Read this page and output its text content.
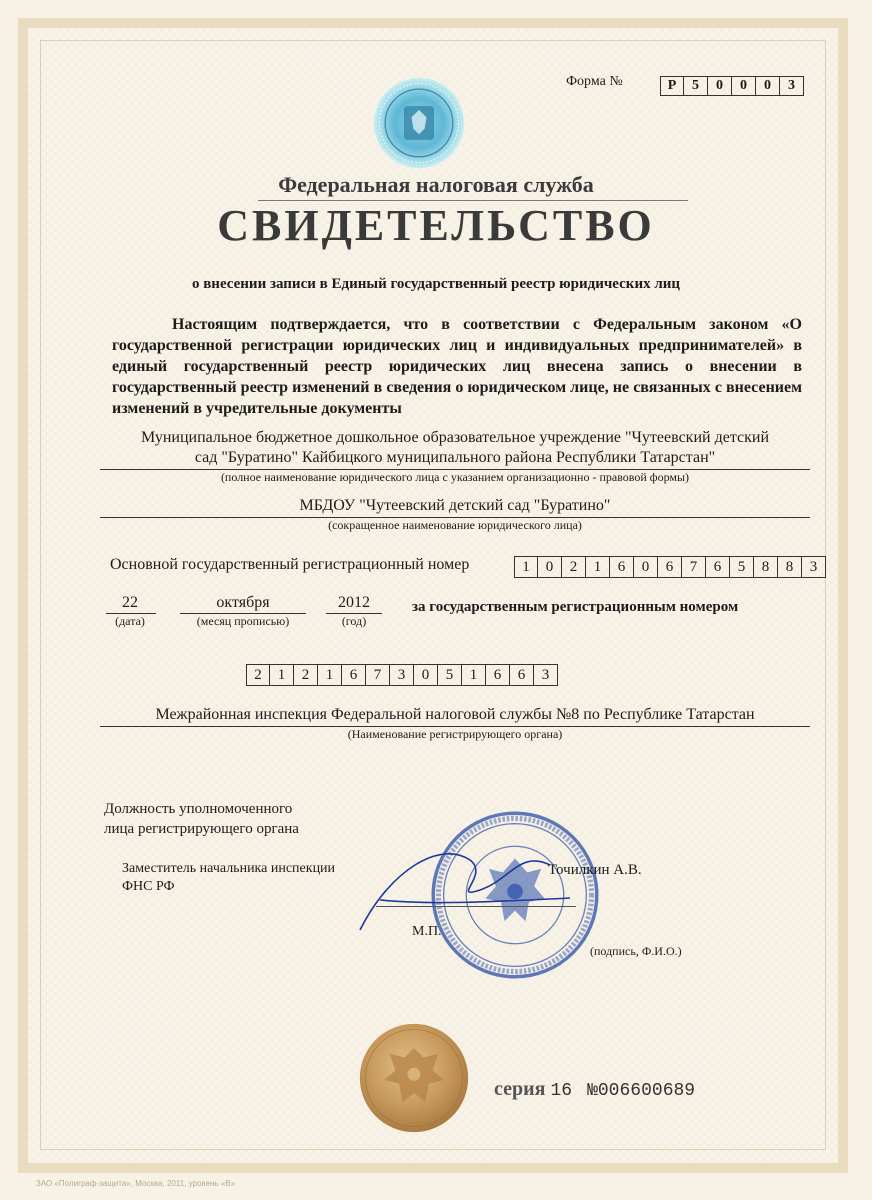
Форма №	Р	5	0	0	0	3
Федеральная налоговая служба
СВИДЕТЕЛЬСТВО
о внесении записи в Единый государственный реестр юридических лиц

Настоящим подтверждается, что в соответствии с Федеральным законом «О государственной регистрации юридических лиц и индивидуальных предпринимателей» в единый государственный реестр юридических лиц внесена запись о внесении в государственный реестр изменений в сведения о юридическом лице, не связанных с внесением изменений в учредительные документы

Муниципальное бюджетное дошкольное образовательное учреждение "Чутеевский детский
сад "Буратино" Кайбицкого муниципального района Республики Татарстан"
(полное наименование юридического лица с указанием организационно - правовой формы)
МБДОУ "Чутеевский детский сад "Буратино"
(сокращенное наименование юридического лица)
Основной государственный регистрационный номер	1	0	2	1	6	0	6	7	6	5	8	8	3
22
(дата)
октября
(месяц прописью)
2012
(год)
за государственным регистрационным номером
2	1	2	1	6	7	3	0	5	1	6	6	3
Межрайонная инспекция Федеральной налоговой службы №8 по Республике Татарстан
(Наименование регистрирующего органа)
Должность уполномоченного
лица регистрирующего органа
Заместитель начальника инспекции
ФНС РФ
Точилкин А.В.
М.П.
(подпись, Ф.И.О.)
серия 16 №006600689
ЗАО «Полиграф-защита», Москва, 2011, уровень «В»
